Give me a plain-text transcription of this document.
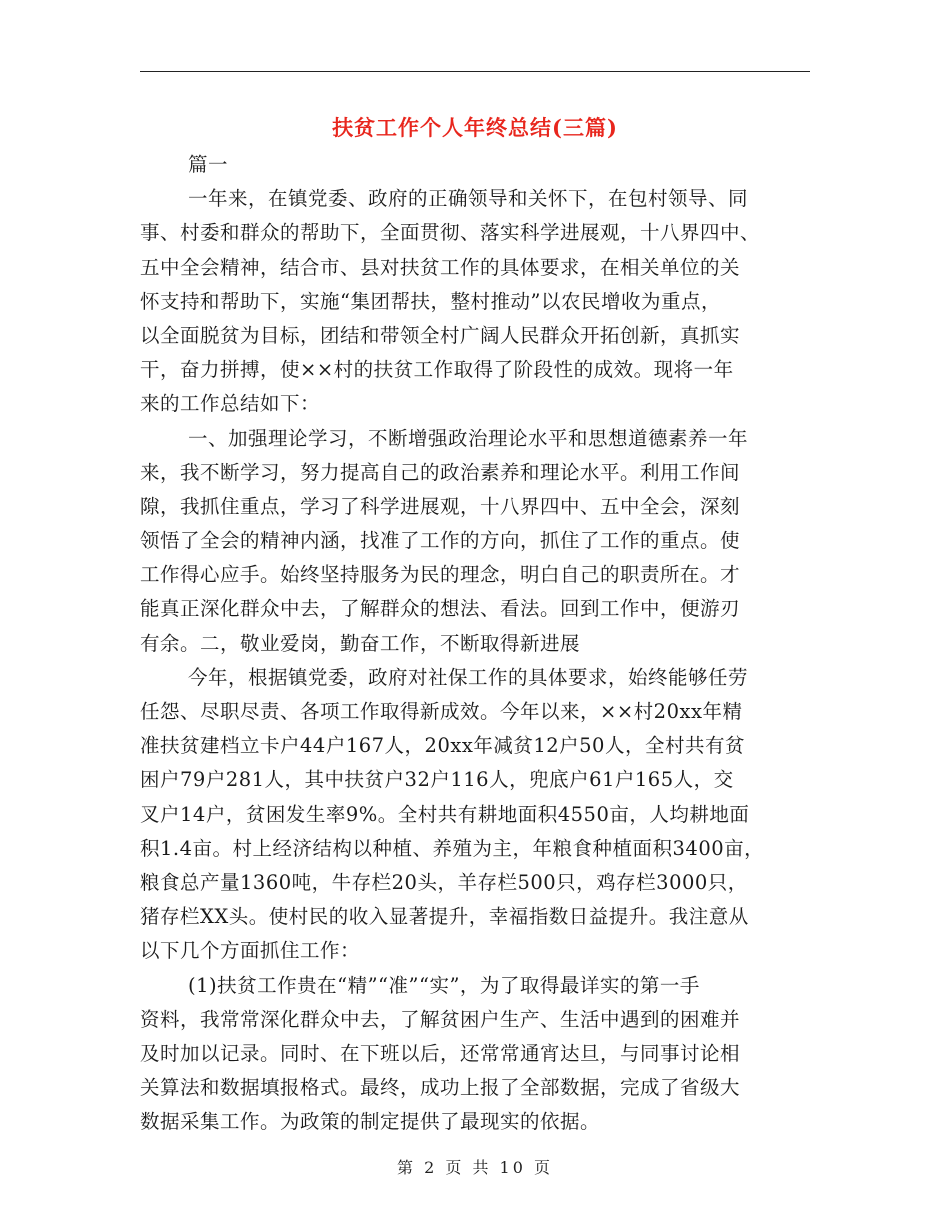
扶贫工作个人年终总结(三篇)
篇一
一年来，在镇党委、政府的正确领导和关怀下，在包村领导、同
事、村委和群众的帮助下，全面贯彻、落实科学进展观，十八界四中、
五中全会精神，结合市、县对扶贫工作的具体要求，在相关单位的关
怀支持和帮助下，实施“集团帮扶，整村推动”以农民增收为重点，
以全面脱贫为目标，团结和带领全村广阔人民群众开拓创新，真抓实
干，奋力拼搏，使××村的扶贫工作取得了阶段性的成效。现将一年
来的工作总结如下：
一、加强理论学习，不断增强政治理论水平和思想道德素养一年
来，我不断学习，努力提高自己的政治素养和理论水平。利用工作间
隙，我抓住重点，学习了科学进展观，十八界四中、五中全会，深刻
领悟了全会的精神内涵，找准了工作的方向，抓住了工作的重点。使
工作得心应手。始终坚持服务为民的理念，明白自己的职责所在。才
能真正深化群众中去，了解群众的想法、看法。回到工作中，便游刃
有余。二，敬业爱岗，勤奋工作，不断取得新进展
今年，根据镇党委，政府对社保工作的具体要求，始终能够任劳
任怨、尽职尽责、各项工作取得新成效。今年以来，××村20xx年精
准扶贫建档立卡户44户167人，20xx年减贫12户50人，全村共有贫
困户79户281人，其中扶贫户32户116人，兜底户61户165人，交
叉户14户，贫困发生率9%。全村共有耕地面积4550亩，人均耕地面
积1.4亩。村上经济结构以种植、养殖为主，年粮食种植面积3400亩，
粮食总产量1360吨，牛存栏20头，羊存栏500只，鸡存栏3000只，
猪存栏XX头。使村民的收入显著提升，幸福指数日益提升。我注意从
以下几个方面抓住工作：
(1)扶贫工作贵在“精”“准”“实”，为了取得最详实的第一手
资料，我常常深化群众中去，了解贫困户生产、生活中遇到的困难并
及时加以记录。同时、在下班以后，还常常通宵达旦，与同事讨论相
关算法和数据填报格式。最终，成功上报了全部数据，完成了省级大
数据采集工作。为政策的制定提供了最现实的依据。
第 2 页 共 10 页
